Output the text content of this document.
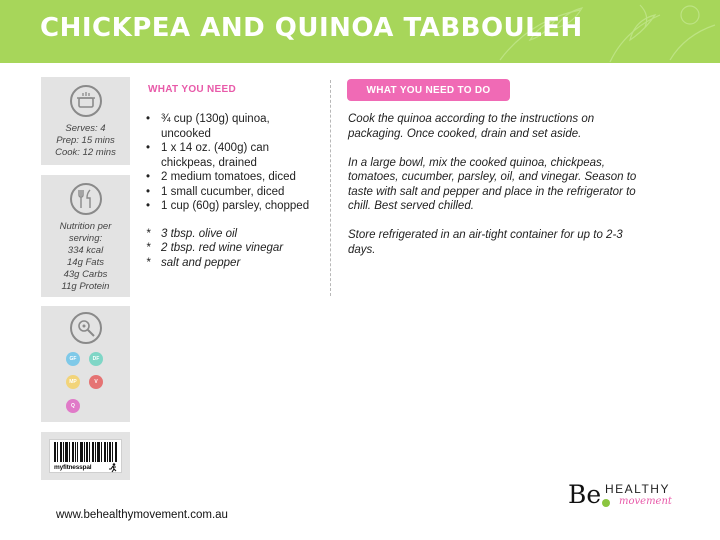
CHICKPEA AND QUINOA TABBOULEH
Serves: 4
Prep: 15 mins
Cook: 12 mins
Nutrition per
serving:
334 kcal
14g Fats
43g Carbs
11g Protein
GF	DF
MP	V
Q
myfitnesspal
WHAT YOU NEED
• ¾ cup (130g) quinoa,
uncooked
• 1 x 14 oz. (400g) can
chickpeas, drained
• 2 medium tomatoes, diced
• 1 small cucumber, diced
• 1 cup (60g) parsley, chopped
* 3 tbsp. olive oil
* 2 tbsp. red wine vinegar
* salt and pepper
WHAT YOU NEED TO DO

Cook the quinoa according to the instructions on packaging. Once cooked, drain and set aside.

In a large bowl, mix the cooked quinoa, chickpeas, tomatoes, cucumber, parsley, oil, and vinegar. Season to taste with salt and pepper and place in the refrigerator to chill. Best served chilled.

Store refrigerated in an air-tight container for up to 2-3 days.

www.behealthymovement.com.au
Be HEALTHY
movement
